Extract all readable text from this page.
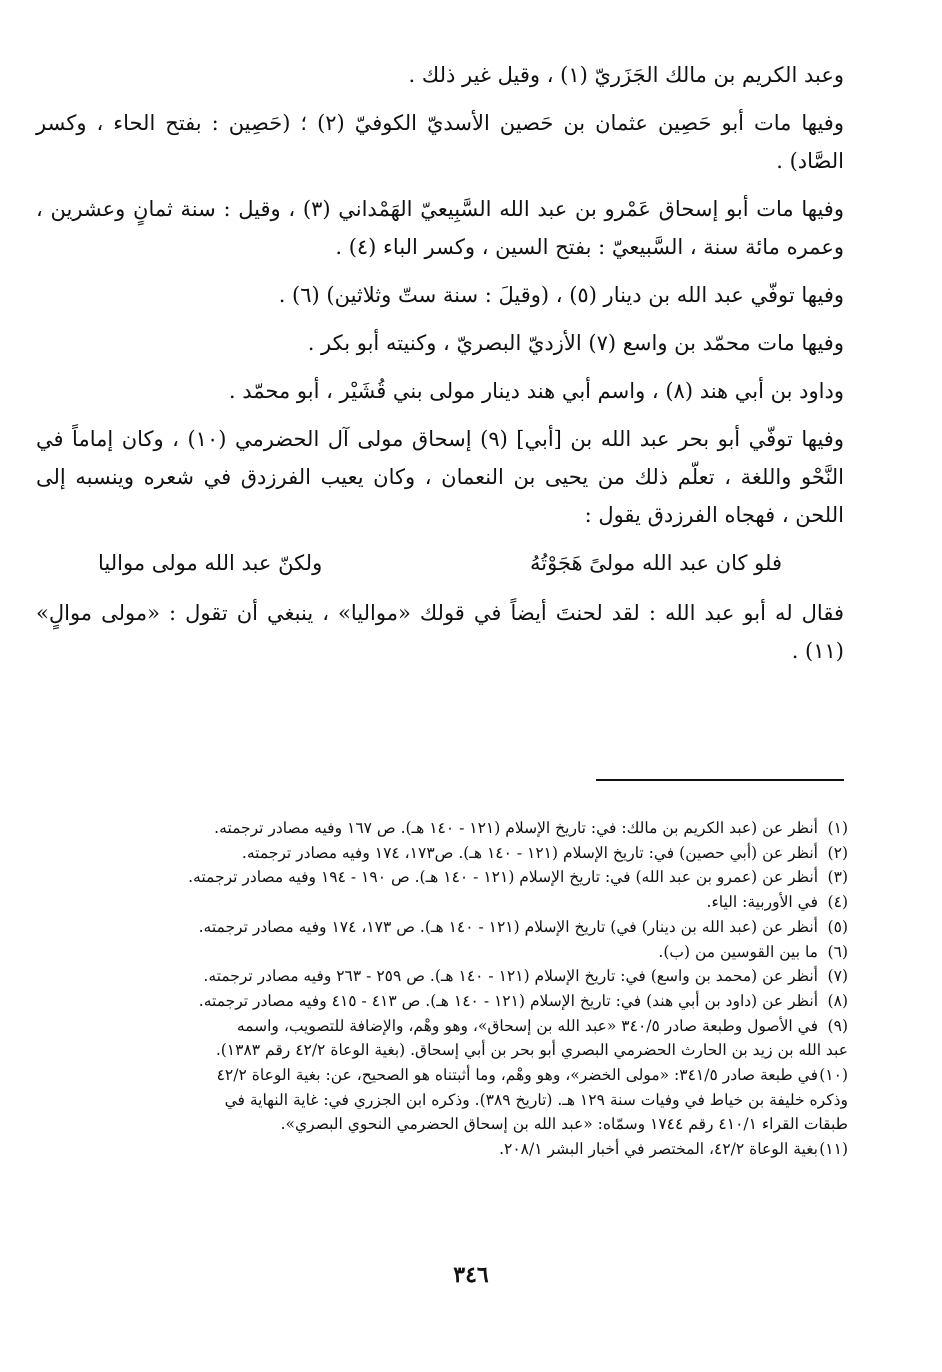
وعبد الكريم بن مالك الجَزَريّ (١) ، وقيل غير ذلك .

وفيها مات أبو حَصِين عثمان بن حَصين الأسديّ الكوفيّ (٢) ؛ (حَصِين : بفتح الحاء ، وكسر الصَّاد) .

وفيها مات أبو إسحاق عَمْرو بن عبد الله السَّبِيعيّ الهَمْداني (٣) ، وقيل : سنة ثمانٍ وعشرين ، وعمره مائة سنة ، السَّبيعيّ : بفتح السين ، وكسر الباء (٤) .

وفيها توفّي عبد الله بن دينار (٥) ، (وقيلَ : سنة ستّ وثلاثين) (٦) .

وفيها مات محمّد بن واسع (٧) الأزديّ البصريّ ، وكنيته أبو بكر .

وداود بن أبي هند (٨) ، واسم أبي هند دينار مولى بني قُشَيْر ، أبو محمّد .

وفيها توفّي أبو بحر عبد الله بن [أبي] (٩) إسحاق مولى آل الحضرمي (١٠) ، وكان إماماً في النَّحْو واللغة ، تعلّم ذلك من يحيى بن النعمان ، وكان يعيب الفرزدق في شعره وينسبه إلى اللحن ، فهجاه الفرزدق يقول :

فلو كان عبد الله مولىً هَجَوْتُهُ
ولكنّ عبد الله مولى مواليا

فقال له أبو عبد الله : لقد لحنتَ أيضاً في قولك «مواليا» ، ينبغي أن تقول : «مولى موالٍ» (١١) .

(١)أنظر عن (عبد الكريم بن مالك: في: تاريخ الإسلام (١٢١ - ١٤٠ هـ). ص ١٦٧ وفيه مصادر ترجمته.

(٢)أنظر عن (أبي حصين) في: تاريخ الإسلام (١٢١ - ١٤٠ هـ). ص١٧٣، ١٧٤ وفيه مصادر ترجمته.

(٣)أنظر عن (عمرو بن عبد الله) في: تاريخ الإسلام (١٢١ - ١٤٠ هـ). ص ١٩٠ - ١٩٤ وفيه مصادر ترجمته.

(٤)في الأوربية: الياء.

(٥)أنظر عن (عبد الله بن دينار) في) تاريخ الإسلام (١٢١ - ١٤٠ هـ). ص ١٧٣، ١٧٤ وفيه مصادر ترجمته.

(٦)ما بين القوسين من (ب).

(٧)أنظر عن (محمد بن واسع) في: تاريخ الإسلام (١٢١ - ١٤٠ هـ). ص ٢٥٩ - ٢٦٣ وفيه مصادر ترجمته.

(٨)أنظر عن (داود بن أبي هند) في: تاريخ الإسلام (١٢١ - ١٤٠ هـ). ص ٤١٣ - ٤١٥ وفيه مصادر ترجمته.

(٩)في الأصول وطبعة صادر ٣٤٠/٥ «عبد الله بن إسحاق»، وهو وهْم، والإضافة للتصويب، واسمه

عبد الله بن زيد بن الحارث الحضرمي البصري أبو بحر بن أبي إسحاق. (بغية الوعاة ٤٢/٢ رقم ١٣٨٣).

(١٠)في طبعة صادر ٣٤١/٥: «مولى الخضر»، وهو وهْم، وما أثبتناه هو الصحيح، عن: بغية الوعاة ٤٢/٢

وذكره خليفة بن خياط في وفيات سنة ١٢٩ هـ. (تاريخ ٣٨٩). وذكره ابن الجزري في: غاية النهاية في

طبقات القراء ٤١٠/١ رقم ١٧٤٤ وسمّاه: «عبد الله بن إسحاق الحضرمي النحوي البصري».

(١١)بغية الوعاة ٤٢/٢، المختصر في أخبار البشر ٢٠٨/١.

٣٤٦
